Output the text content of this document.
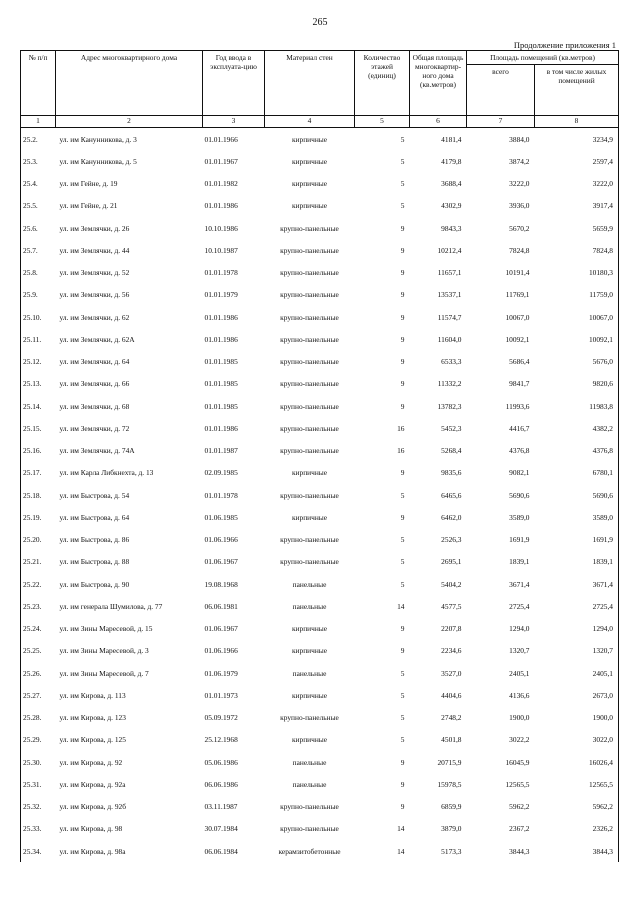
265
Продолжение приложения 1
№ п/п	Адрес многоквартирного дома	Год ввода в эксплуата-цию	Материал стен	Количество этажей (единиц)	Общая площадь многоквартир-ного дома (кв.метров)	Площадь помещений (кв.метров)	
						всего	в том числе жилых помещений
1	2	3	4	5	6	7	8
25.2.	ул. им Канунникова, д. 3	01.01.1966	кирпичные	5	4181,4	3884,0	3234,9
25.3.	ул. им Канунникова, д. 5	01.01.1967	кирпичные	5	4179,8	3874,2	2597,4
25.4.	ул. им Гейне, д. 19	01.01.1982	кирпичные	5	3688,4	3222,0	3222,0
25.5.	ул. им Гейне, д. 21	01.01.1986	кирпичные	5	4302,9	3936,0	3917,4
25.6.	ул. им Землячки, д. 26	10.10.1986	крупно-панельные	9	9843,3	5670,2	5659,9
25.7.	ул. им Землячки, д. 44	10.10.1987	крупно-панельные	9	10212,4	7824,8	7824,8
25.8.	ул. им Землячки, д. 52	01.01.1978	крупно-панельные	9	11657,1	10191,4	10180,3
25.9.	ул. им Землячки, д. 56	01.01.1979	крупно-панельные	9	13537,1	11769,1	11759,0
25.10.	ул. им Землячки, д. 62	01.01.1986	крупно-панельные	9	11574,7	10067,0	10067,0
25.11.	ул. им Землячки, д. 62А	01.01.1986	крупно-панельные	9	11604,0	10092,1	10092,1
25.12.	ул. им Землячки, д. 64	01.01.1985	крупно-панельные	9	6533,3	5686,4	5676,0
25.13.	ул. им Землячки, д. 66	01.01.1985	крупно-панельные	9	11332,2	9841,7	9820,6
25.14.	ул. им Землячки, д. 68	01.01.1985	крупно-панельные	9	13782,3	11993,6	11983,8
25.15.	ул. им Землячки, д. 72	01.01.1986	крупно-панельные	16	5452,3	4416,7	4382,2
25.16.	ул. им Землячки, д. 74А	01.01.1987	крупно-панельные	16	5268,4	4376,8	4376,8
25.17.	ул. им Карла Либкнехта, д. 13	02.09.1985	кирпичные	9	9835,6	9082,1	6780,1
25.18.	ул. им Быстрова, д. 54	01.01.1978	крупно-панельные	5	6465,6	5690,6	5690,6
25.19.	ул. им Быстрова, д. 64	01.06.1985	кирпичные	9	6462,0	3589,0	3589,0
25.20.	ул. им Быстрова, д. 86	01.06.1966	крупно-панельные	5	2526,3	1691,9	1691,9
25.21.	ул. им Быстрова, д. 88	01.06.1967	крупно-панельные	5	2695,1	1839,1	1839,1
25.22.	ул. им Быстрова, д. 90	19.08.1968	панельные	5	5404,2	3671,4	3671,4
25.23.	ул. им генерала Шумилова, д. 77	06.06.1981	панельные	14	4577,5	2725,4	2725,4
25.24.	ул. им Зины Маресевой, д. 15	01.06.1967	кирпичные	9	2207,8	1294,0	1294,0
25.25.	ул. им Зины Маресевой, д. 3	01.06.1966	кирпичные	9	2234,6	1320,7	1320,7
25.26.	ул. им Зины Маресевой, д. 7	01.06.1979	панельные	5	3527,0	2405,1	2405,1
25.27.	ул. им Кирова, д. 113	01.01.1973	кирпичные	5	4404,6	4136,6	2673,0
25.28.	ул. им Кирова, д. 123	05.09.1972	крупно-панельные	5	2748,2	1900,0	1900,0
25.29.	ул. им Кирова, д. 125	25.12.1968	кирпичные	5	4501,8	3022,2	3022,0
25.30.	ул. им Кирова, д. 92	05.06.1986	панельные	9	20715,9	16045,9	16026,4
25.31.	ул. им Кирова, д. 92а	06.06.1986	панельные	9	15978,5	12565,5	12565,5
25.32.	ул. им Кирова, д. 92б	03.11.1987	крупно-панельные	9	6859,9	5962,2	5962,2
25.33.	ул. им Кирова, д. 98	30.07.1984	крупно-панельные	14	3879,0	2367,2	2326,2
25.34.	ул. им Кирова, д. 98а	06.06.1984	керамзитобетонные	14	5173,3	3844,3	3844,3
